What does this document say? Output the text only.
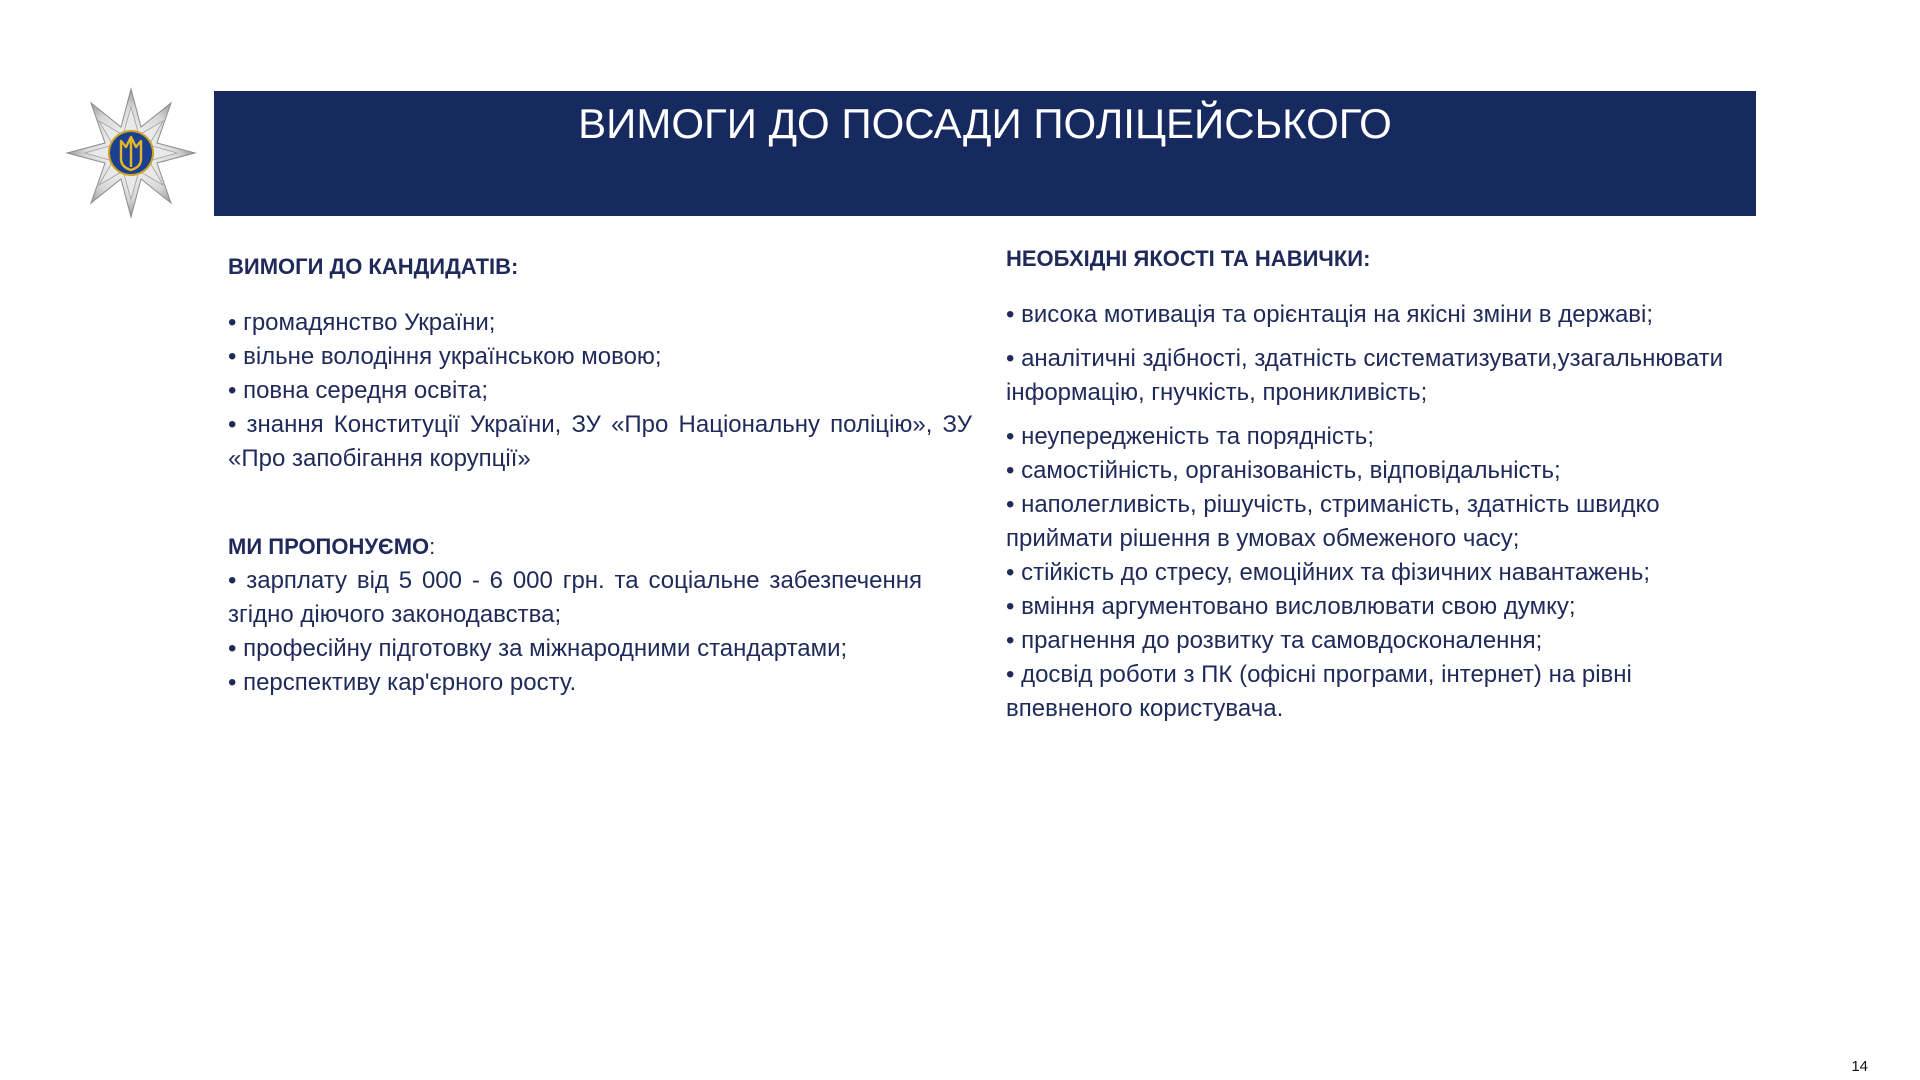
ВИМОГИ ДО ПОСАДИ ПОЛІЦЕЙСЬКОГО

ВИМОГИ ДО КАНДИДАТІВ:

• громадянство України;
• вільне володіння українською мовою;
• повна середня освіта;
• знання Конституції України, ЗУ «Про Національну поліцію», ЗУ «Про запобігання корупції»
МИ ПРОПОНУЄМО:
• зарплату від 5 000 - 6 000 грн. та соціальне забезпечення згідно діючого законодавства;
• професійну підготовку за міжнародними стандартами;
• перспективу кар'єрного росту.

НЕОБХІДНІ ЯКОСТІ ТА НАВИЧКИ:

• висока мотивація та орієнтація на якісні зміни в державі;
• аналітичні здібності, здатність систематизувати,узагальнювати інформацію, гнучкість, проникливість;
• неупередженість та порядність;
• самостійність, організованість, відповідальність;
• наполегливість, рішучість, стриманість, здатність швидко приймати рішення в умовах обмеженого часу;
• стійкість до стресу, емоційних та фізичних навантажень;
• вміння аргументовано висловлювати свою думку;
• прагнення до розвитку та самовдосконалення;
• досвід роботи з ПК (офісні програми, інтернет) на рівні впевненого користувача.
14
